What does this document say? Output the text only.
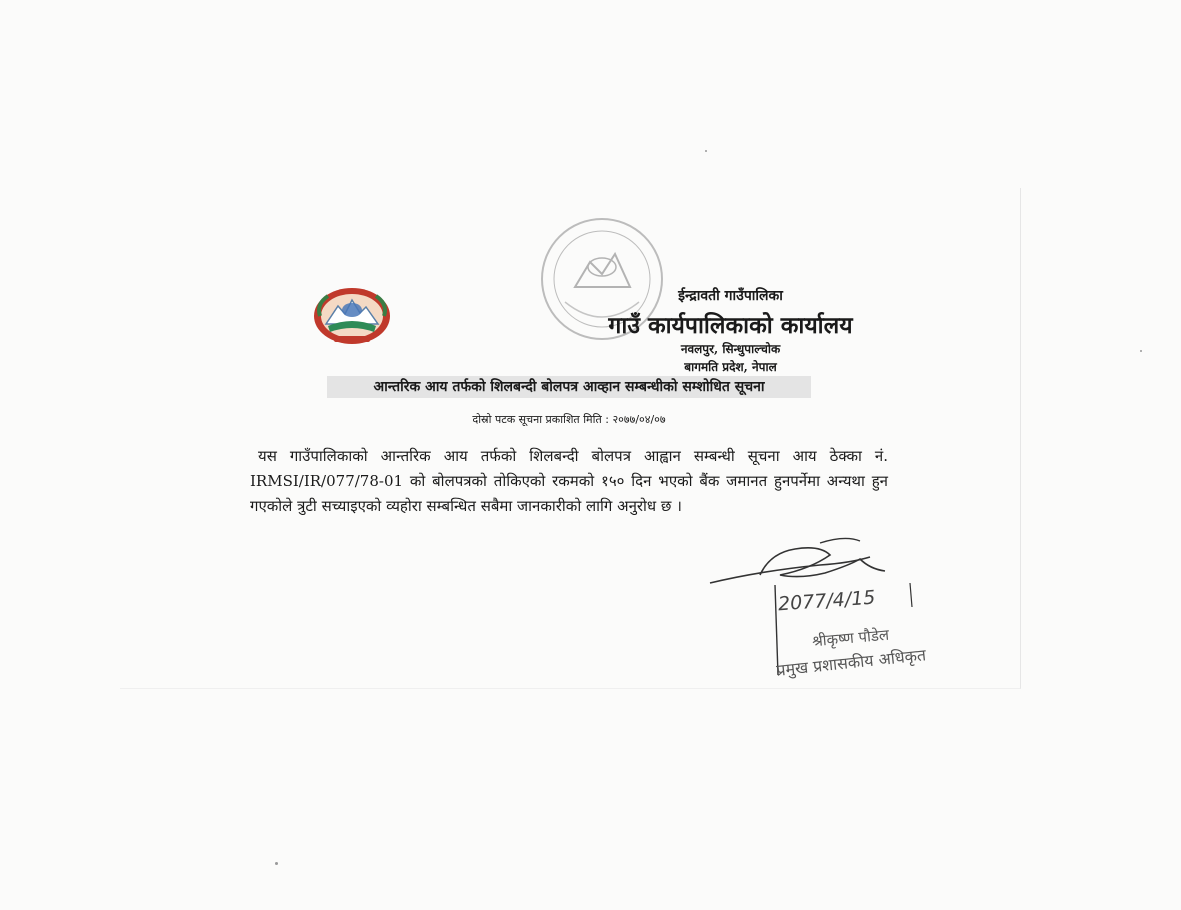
ईन्द्रावती गाउँपालिका
गाउँ कार्यपालिकाको कार्यालय
नवलपुर, सिन्धुपाल्चोक
बागमति प्रदेश, नेपाल
आन्तरिक आय तर्फको शिलबन्दी बोलपत्र आव्हान सम्बन्धीको सम्शोधित सूचना
दोस्रो पटक सूचना प्रकाशित मिति : २०७७/०४/०७
यस गाउँपालिकाको आन्तरिक आय तर्फको शिलबन्दी बोलपत्र आह्वान सम्बन्धी सूचना आय ठेक्का नं. IRMSI/IR/077/78-01 को बोलपत्रको तोकिएको रकमको १५० दिन भएको बैंक जमानत हुनपर्नेमा अन्यथा हुन गएकोले त्रुटी सच्याइएको व्यहोरा सम्बन्धित सबैमा जानकारीको लागि अनुरोध छ ।
2077/4/15
श्रीकृष्ण पौडेल
प्रमुख प्रशासकीय अधिकृत
